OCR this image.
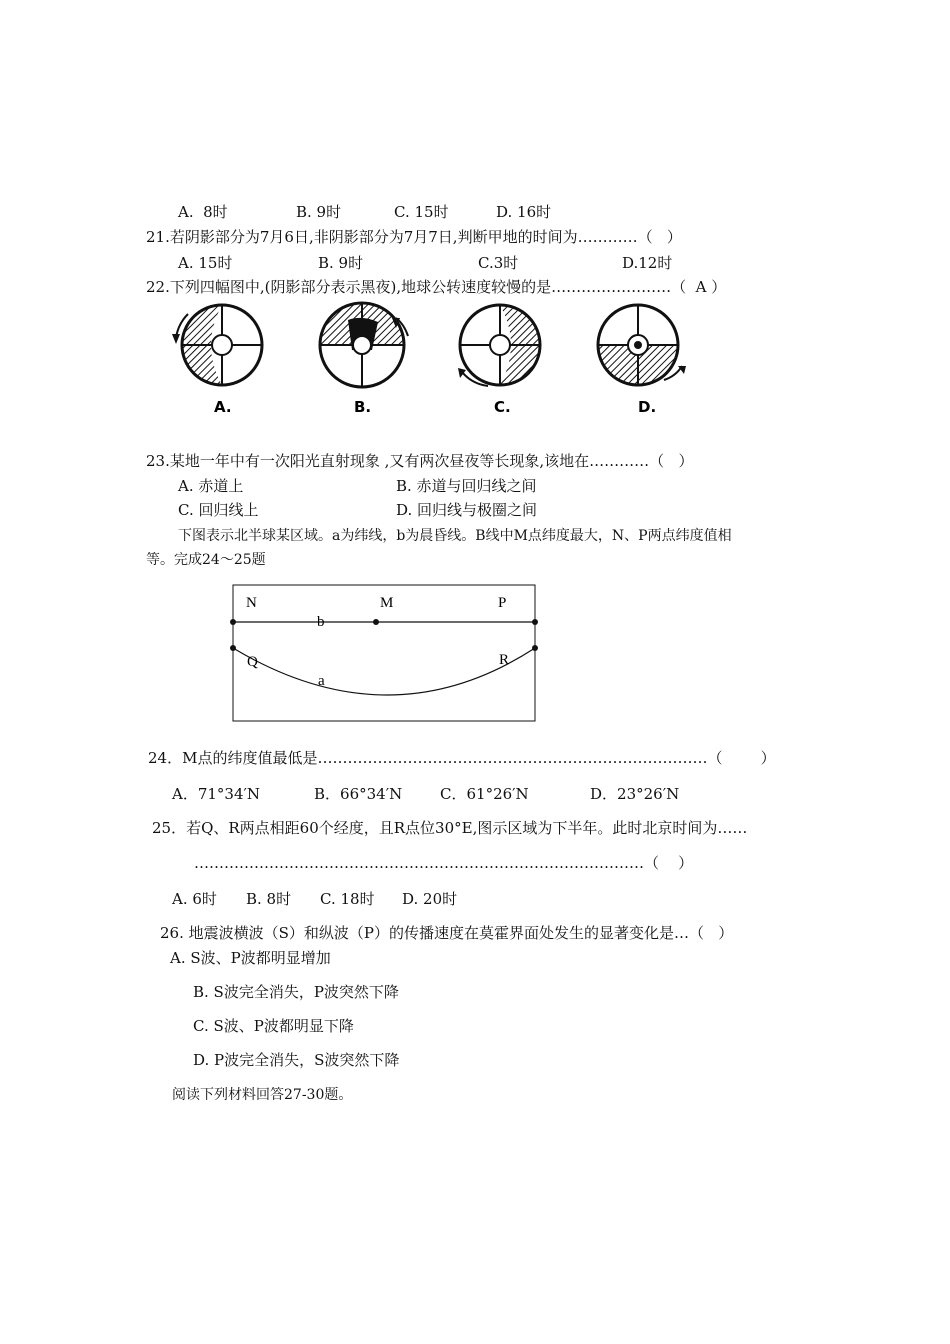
A.  8时	B. 9时	C. 15时	D. 16时
21.若阴影部分为7月6日,非阴影部分为7月7日,判断甲地的时间为…………（   ）
A. 15时	B. 9时	C.3时	D.12时
22.下列四幅图中,(阴影部分表示黑夜),地球公转速度较慢的是……………………（  A ）
A.	B.	C.	D.
N	M	P
b
Q	R
a
23.某地一年中有一次阳光直射现象 ,又有两次昼夜等长现象,该地在…………（   ）
A. 赤道上	B. 赤道与回归线之间
C. 回归线上	D. 回归线与极圈之间
下图表示北半球某区域。a为纬线，b为晨昏线。B线中M点纬度最大，N、P两点纬度值相
等。完成24～25题
24．M点的纬度值最低是……………………………………………………………………（        ）
A．71°34′N	B．66°34′N	C．61°26′N	D．23°26′N
25．若Q、R两点相距60个经度，且R点位30°E,图示区域为下半年。此时北京时间为……
………………………………………………………………………………（    ）
A. 6时 B. 8时 C. 18时 D. 20时
26. 地震波横波（S）和纵波（P）的传播速度在莫霍界面处发生的显著变化是…（   ）
A. S波、P波都明显增加
B. S波完全消失，P波突然下降
C. S波、P波都明显下降
D. P波完全消失，S波突然下降
阅读下列材料回答27-30题。
